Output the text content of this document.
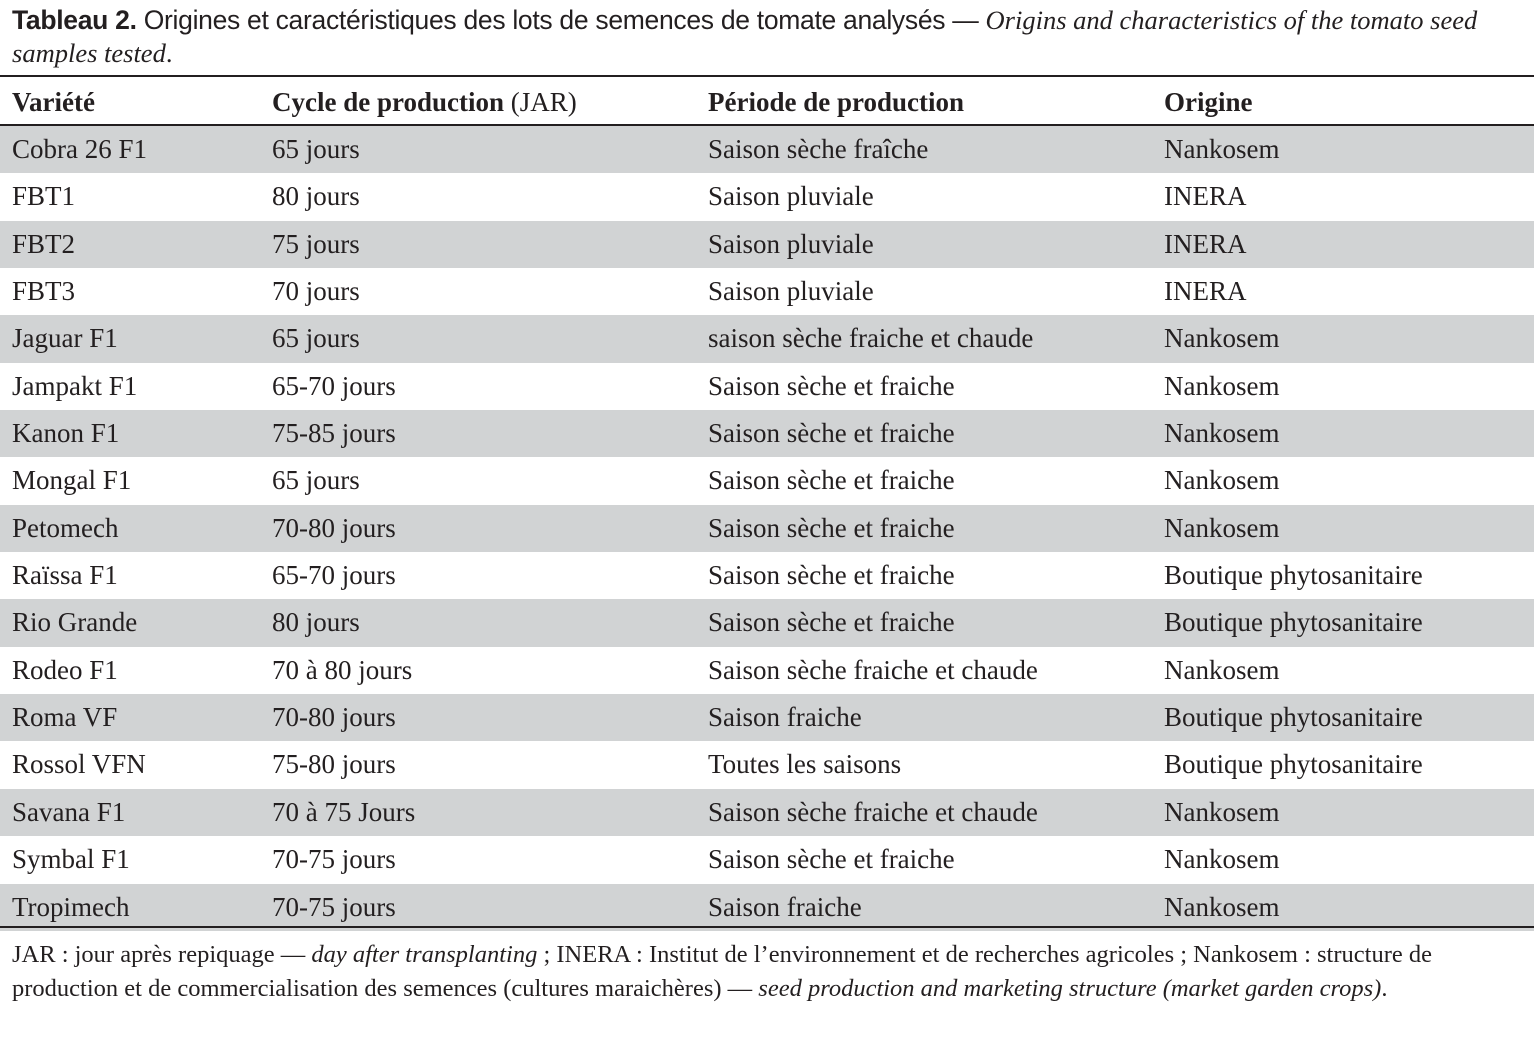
Tableau 2. Origines et caractéristiques des lots de semences de tomate analysés — Origins and characteristics of the tomato seed samples tested.
Variété	Cycle de production (JAR)	Période de production	Origine
Cobra 26 F1	65 jours	Saison sèche fraîche	Nankosem
FBT1	80 jours	Saison pluviale	INERA
FBT2	75 jours	Saison pluviale	INERA
FBT3	70 jours	Saison pluviale	INERA
Jaguar F1	65 jours	saison sèche fraiche et chaude	Nankosem
Jampakt F1	65-70 jours	Saison sèche et fraiche	Nankosem
Kanon F1	75-85 jours	Saison sèche et fraiche	Nankosem
Mongal F1	65 jours	Saison sèche et fraiche	Nankosem
Petomech	70-80 jours	Saison sèche et fraiche	Nankosem
Raïssa F1	65-70 jours	Saison sèche et fraiche	Boutique phytosanitaire
Rio Grande	80 jours	Saison sèche et fraiche	Boutique phytosanitaire
Rodeo F1	70 à 80 jours	Saison sèche fraiche et chaude	Nankosem
Roma VF	70-80 jours	Saison fraiche	Boutique phytosanitaire
Rossol VFN	75-80 jours	Toutes les saisons	Boutique phytosanitaire
Savana F1	70 à 75 Jours	Saison sèche fraiche et chaude	Nankosem
Symbal F1	70-75 jours	Saison sèche et fraiche	Nankosem
Tropimech	70-75 jours	Saison fraiche	Nankosem
JAR : jour après repiquage — day after transplanting ; INERA : Institut de l’environnement et de recherches agricoles ; Nankosem : structure de production et de commercialisation des semences (cultures maraichères) — seed production and marketing structure (market garden crops).
